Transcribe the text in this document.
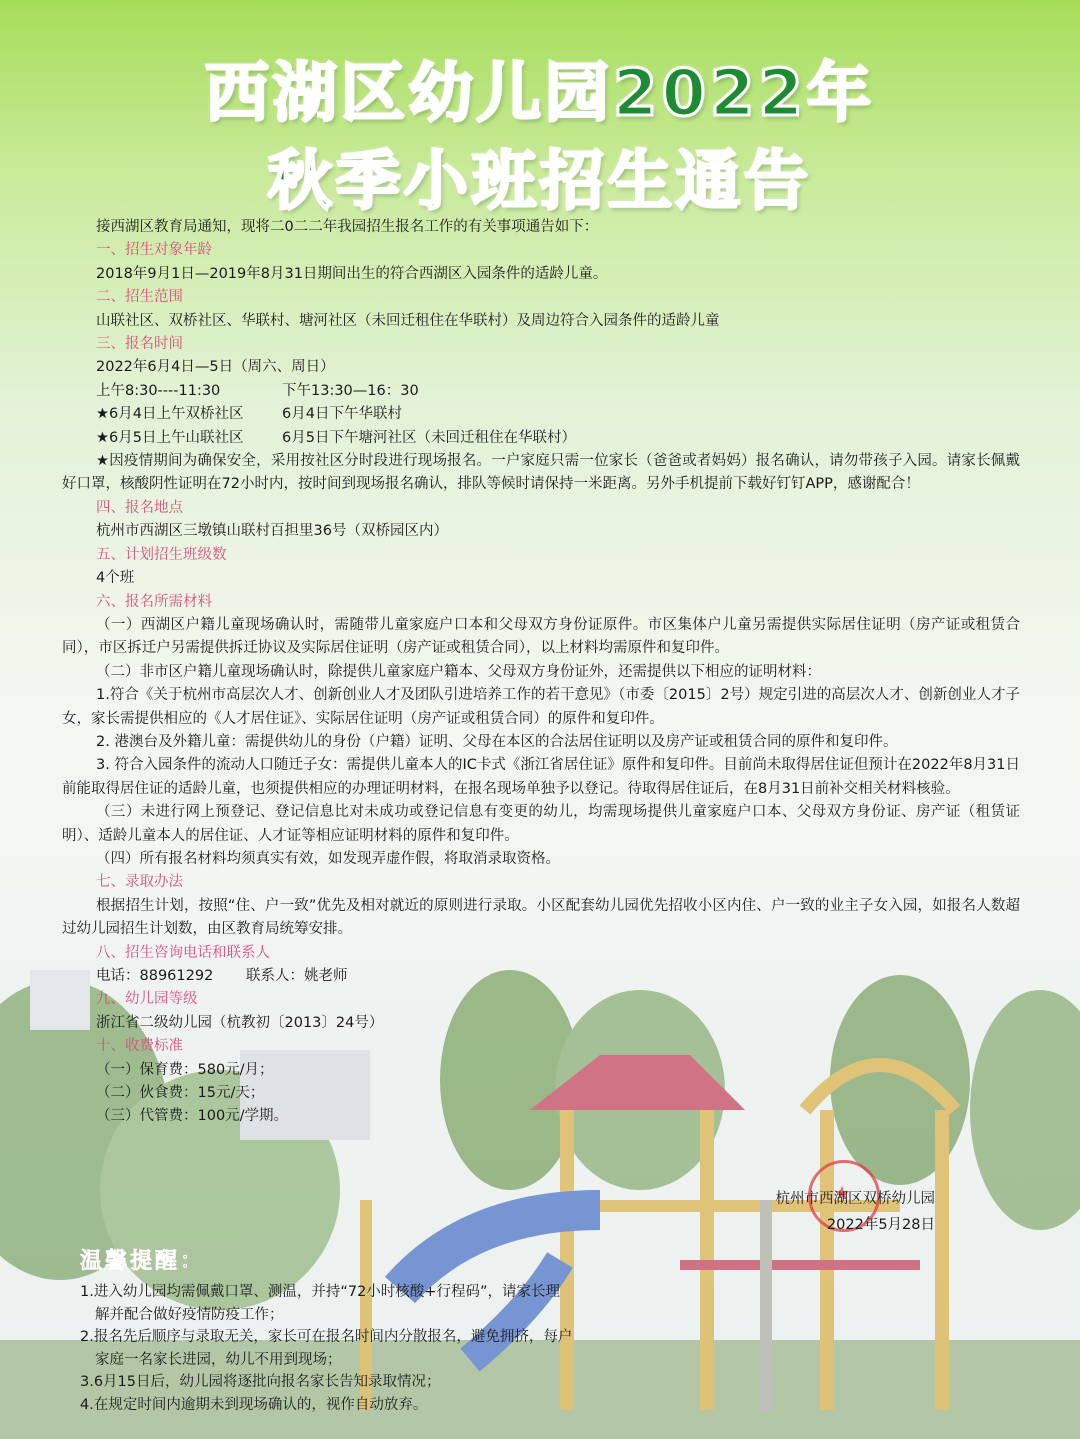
西湖区幼儿园2022年
秋季小班招生通告

接西湖区教育局通知，现将二0二二年我园招生报名工作的有关事项通告如下：

一、招生对象年龄

2018年9月1日—2019年8月31日期间出生的符合西湖区入园条件的适龄儿童。

二、招生范围

山联社区、双桥社区、华联村、塘河社区（未回迁租住在华联村）及周边符合入园条件的适龄儿童

三、报名时间

2022年6月4日—5日（周六、周日）

上午8:30----11:30	下午13:30—16：30
★6月4日上午双桥社区	6月4日下午华联村
★6月5日上午山联社区	6月5日下午塘河社区（未回迁租住在华联村）

★因疫情期间为确保安全，采用按社区分时段进行现场报名。一户家庭只需一位家长（爸爸或者妈妈）报名确认，请勿带孩子入园。请家长佩戴好口罩，核酸阴性证明在72小时内，按时间到现场报名确认，排队等候时请保持一米距离。另外手机提前下载好钉钉APP，感谢配合！

四、报名地点

杭州市西湖区三墩镇山联村百担里36号（双桥园区内）

五、计划招生班级数

4个班

六、报名所需材料

（一）西湖区户籍儿童现场确认时，需随带儿童家庭户口本和父母双方身份证原件。市区集体户儿童另需提供实际居住证明（房产证或租赁合同），市区拆迁户另需提供拆迁协议及实际居住证明（房产证或租赁合同），以上材料均需原件和复印件。

（二）非市区户籍儿童现场确认时，除提供儿童家庭户籍本、父母双方身份证外，还需提供以下相应的证明材料：

1.符合《关于杭州市高层次人才、创新创业人才及团队引进培养工作的若干意见》（市委〔2015〕2号）规定引进的高层次人才、创新创业人才子女，家长需提供相应的《人才居住证》、实际居住证明（房产证或租赁合同）的原件和复印件。

2. 港澳台及外籍儿童：需提供幼儿的身份（户籍）证明、父母在本区的合法居住证明以及房产证或租赁合同的原件和复印件。

3. 符合入园条件的流动人口随迁子女：需提供儿童本人的IC卡式《浙江省居住证》原件和复印件。目前尚未取得居住证但预计在2022年8月31日前能取得居住证的适龄儿童，也须提供相应的办理证明材料，在报名现场单独予以登记。待取得居住证后，在8月31日前补交相关材料核验。

（三）未进行网上预登记、登记信息比对未成功或登记信息有变更的幼儿，均需现场提供儿童家庭户口本、父母双方身份证、房产证（租赁证明）、适龄儿童本人的居住证、人才证等相应证明材料的原件和复印件。

（四）所有报名材料均须真实有效，如发现弄虚作假，将取消录取资格。

七、录取办法

根据招生计划，按照“住、户一致”优先及相对就近的原则进行录取。小区配套幼儿园优先招收小区内住、户一致的业主子女入园，如报名人数超过幼儿园招生计划数，由区教育局统筹安排。

八、招生咨询电话和联系人

电话：88961292	联系人：姚老师

九、幼儿园等级

浙江省二级幼儿园（杭教初〔2013〕24号）

十、收费标准

（一）保育费：580元/月；

（二）伙食费：15元/天；

（三）代管费：100元/学期。

★
杭州市西湖区双桥幼儿园
2022年5月28日
温馨提醒：

1.进入幼儿园均需佩戴口罩、测温，并持“72小时核酸+行程码”，请家长理

解并配合做好疫情防疫工作；

2.报名先后顺序与录取无关，家长可在报名时间内分散报名，避免拥挤，每户

家庭一名家长进园，幼儿不用到现场；

3.6月15日后，幼儿园将逐批向报名家长告知录取情况；

4.在规定时间内逾期未到现场确认的，视作自动放弃。
